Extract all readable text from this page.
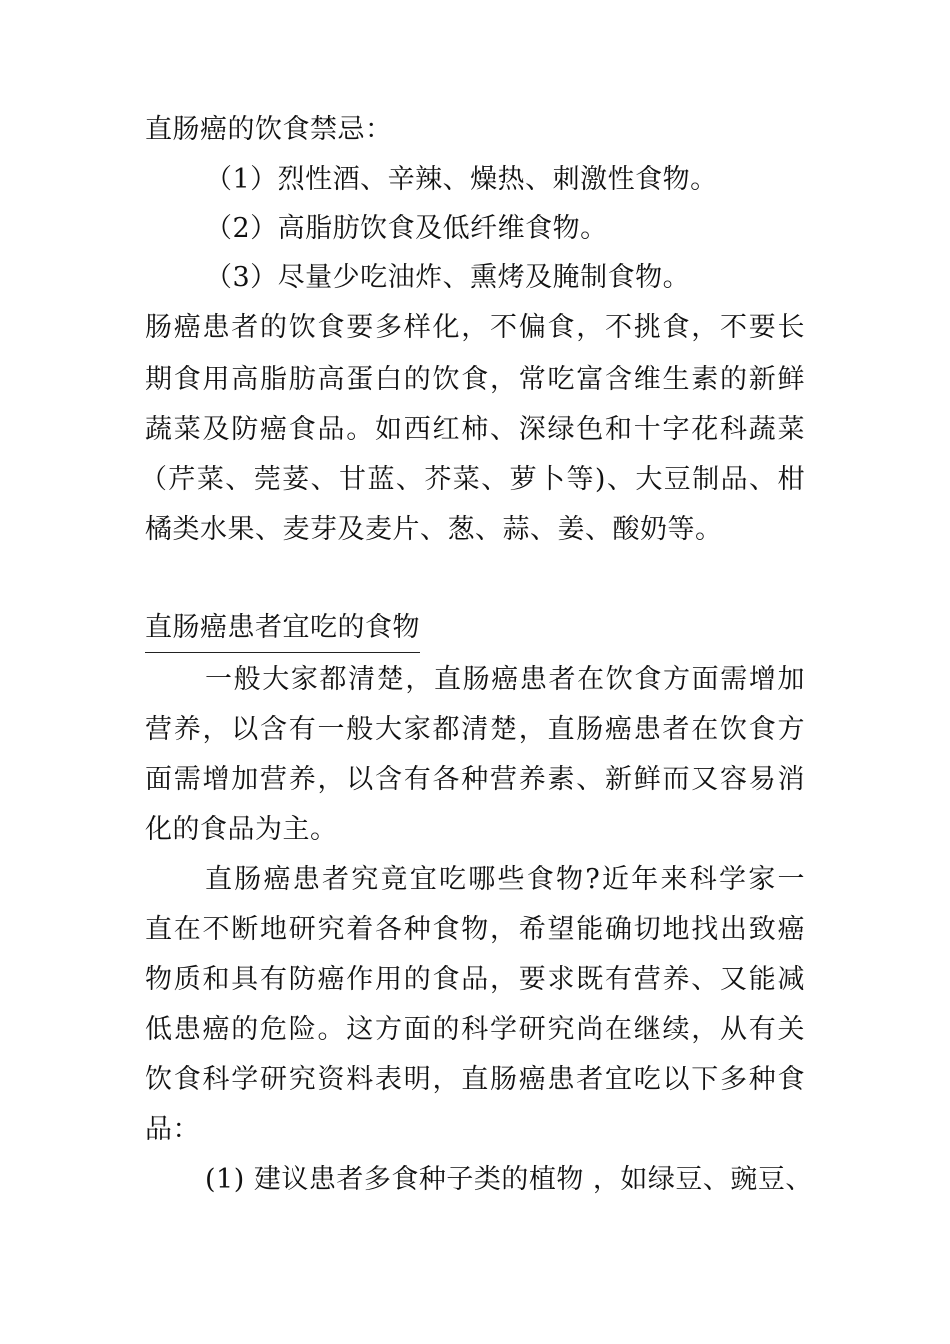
直肠癌的饮食禁忌：
（1）烈性酒、辛辣、燥热、刺激性食物。
（2）高脂肪饮食及低纤维食物。
（3）尽量少吃油炸、熏烤及腌制食物。
肠癌患者的饮食要多样化，不偏食，不挑食，不要长
期食用高脂肪高蛋白的饮食，常吃富含维生素的新鲜
蔬菜及防癌食品。如西红柿、深绿色和十字花科蔬菜
（芹菜、莞荽、甘蓝、芥菜、萝卜等)、大豆制品、柑
橘类水果、麦芽及麦片、葱、蒜、姜、酸奶等。
直肠癌患者宜吃的食物
一般大家都清楚，直肠癌患者在饮食方面需增加
营养，以含有一般大家都清楚，直肠癌患者在饮食方
面需增加营养，以含有各种营养素、新鲜而又容易消
化的食品为主。
直肠癌患者究竟宜吃哪些食物?近年来科学家一
直在不断地研究着各种食物，希望能确切地找出致癌
物质和具有防癌作用的食品，要求既有营养、又能减
低患癌的危险。这方面的科学研究尚在继续，从有关
饮食科学研究资料表明，直肠癌患者宜吃以下多种食
品：
(1) 建议患者多食种子类的植物 ，如绿豆、豌豆、
